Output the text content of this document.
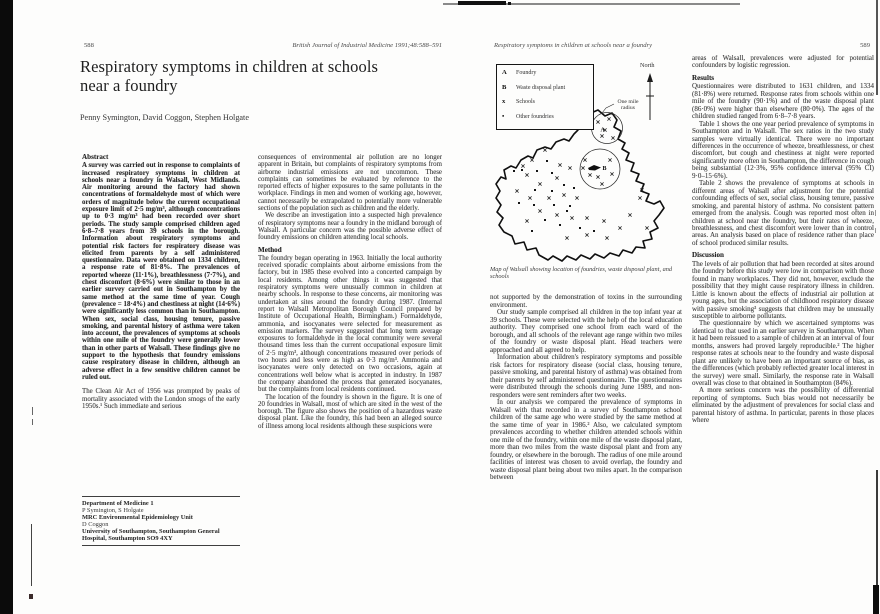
588	British Journal of Industrial Medicine 1991;48:588–591
Respiratory symptoms in children at schools near a foundry
Penny Symington, David Coggon, Stephen Holgate
Abstract

A survey was carried out in response to complaints of increased respiratory symptoms in children at schools near a foundry in Walsall, West Midlands. Air monitoring around the factory had shown concentrations of formaldehyde most of which were orders of magnitude below the current occupational exposure limit of 2·5 mg/m³, although concentrations up to 0·3 mg/m³ had been recorded over short periods. The study sample comprised children aged 6·8–7·8 years from 39 schools in the borough. Information about respiratory symptoms and potential risk factors for respiratory disease was elicited from parents by a self administered questionnaire. Data were obtained on 1334 children, a response rate of 81·8%. The prevalences of reported wheeze (11·1%), breathlessness (7·7%), and chest discomfort (8·6%) were similar to those in an earlier survey carried out in Southampton by the same method at the same time of year. Cough (prevalence = 18·4%) and chestiness at night (14·6%) were significantly less common than in Southampton. When sex, social class, housing tenure, passive smoking, and parental history of asthma were taken into account, the prevalences of symptoms at schools within one mile of the foundry were generally lower than in other parts of Walsall. These findings give no support to the hypothesis that foundry emissions cause respiratory disease in children, although an adverse effect in a few sensitive children cannot be ruled out.

The Clean Air Act of 1956 was prompted by peaks of mortality associated with the London smogs of the early 1950s.¹ Such immediate and serious

Department of Medicine 1
P Symington, S Holgate
MRC Environmental Epidemiology Unit
D Coggon
University of Southampton, Southampton General Hospital, Southampton SO9 4XY

consequences of environmental air pollution are no longer apparent in Britain, but complaints of respiratory symptoms from airborne industrial emissions are not uncommon. These complaints can sometimes be evaluated by reference to the reported effects of higher exposures to the same pollutants in the workplace. Findings in men and women of working age, however, cannot necessarily be extrapolated to potentially more vulnerable sections of the population such as children and the elderly.

We describe an investigation into a suspected high prevalence of respiratory symptoms near a foundry in the midland borough of Walsall. A particular concern was the possible adverse effect of foundry emissions on children attending local schools.

Method

The foundry began operating in 1963. Initially the local authority received sporadic complaints about airborne emissions from the factory, but in 1985 these evolved into a concerted campaign by local residents. Among other things it was suggested that respiratory symptoms were unusually common in children at nearby schools. In response to these concerns, air monitoring was undertaken at sites around the foundry during 1987. (Internal report to Walsall Metropolitan Borough Council prepared by Institute of Occupational Health, Birmingham.) Formaldehyde, ammonia, and isocyanates were selected for measurement as emission markers. The survey suggested that long term average exposures to formaldehyde in the local community were several thousand times less than the current occupational exposure limit of 2·5 mg/m³, although concentrations measured over periods of two hours and less were as high as 0·3 mg/m³. Ammonia and isocyanates were only detected on two occasions, again at concentrations well below what is accepted in industry. In 1987 the company abandoned the process that generated isocyanates, but the complaints from local residents continued.

The location of the foundry is shown in the figure. It is one of 20 foundries in Walsall, most of which are sited in the west of the borough. The figure also shows the position of a hazardous waste disposal plant. Like the foundry, this had been an alleged source of illness among local residents although these suspicions were

Respiratory symptoms in children at schools near a foundry	589
A
B
A	Foundry
B	Waste disposal plant
x	Schools
•	Other foundries
North
One mile radius
Map of Walsall showing location of foundries, waste disposal plant, and schools

not supported by the demonstration of toxins in the surrounding environment.

Our study sample comprised all children in the top infant year at 39 schools. These were selected with the help of the local education authority. They comprised one school from each ward of the borough, and all schools of the relevant age range within two miles of the foundry or waste disposal plant. Head teachers were approached and all agreed to help.

Information about children's respiratory symptoms and possible risk factors for respiratory disease (social class, housing tenure, passive smoking, and parental history of asthma) was obtained from their parents by self administered questionnaire. The questionnaires were distributed through the schools during June 1989, and non-responders were sent reminders after two weeks.

In our analysis we compared the prevalence of symptoms in Walsall with that recorded in a survey of Southampton school children of the same age who were studied by the same method at the same time of year in 1986.² Also, we calculated symptom prevalences according to whether children attended schools within one mile of the foundry, within one mile of the waste disposal plant, more than two miles from the waste disposal plant and from any foundry, or elsewhere in the borough. The radius of one mile around facilities of interest was chosen to avoid overlap, the foundry and waste disposal plant being about two miles apart. In the comparison between

areas of Walsall, prevalences were adjusted for potential confounders by logistic regression.

Results

Questionnaires were distributed to 1631 children, and 1334 (81·8%) were returned. Response rates from schools within one mile of the foundry (90·1%) and of the waste disposal plant (86·0%) were higher than elsewhere (80·0%). The ages of the children studied ranged from 6·8–7·8 years.

Table 1 shows the one year period prevalence of symptoms in Southampton and in Walsall. The sex ratios in the two study samples were virtually identical. There were no important differences in the occurrence of wheeze, breathlessness, or chest discomfort, but cough and chestiness at night were reported significantly more often in Southampton, the difference in cough being substantial (12·3%, 95% confidence interval (95% CI) 9·0–15·6%).

Table 2 shows the prevalence of symptoms at schools in different areas of Walsall after adjustment for the potential confounding effects of sex, social class, housing tenure, passive smoking, and parental history of asthma. No consistent pattern emerged from the analysis. Cough was reported most often in children at school near the foundry, but their rates of wheeze, breathlessness, and chest discomfort were lower than in control areas. An analysis based on place of residence rather than place of school produced similar results.

Discussion

The levels of air pollution that had been recorded at sites around the foundry before this study were low in comparison with those found in many workplaces. They did not, however, exclude the possibility that they might cause respiratory illness in children. Little is known about the effects of industrial air pollution at young ages, but the association of childhood respiratory disease with passive smoking³ suggests that children may be unusually susceptible to airborne pollutants.

The questionnaire by which we ascertained symptoms was identical to that used in an earlier survey in Southampton. When it had been reissued to a sample of children at an interval of four months, answers had proved largely reproducible.² The higher response rates at schools near to the foundry and waste disposal plant are unlikely to have been an important source of bias, as the differences (which probably reflected greater local interest in the survey) were small. Similarly, the response rate in Walsall overall was close to that obtained in Southampton (84%).

A more serious concern was the possibility of differential reporting of symptoms. Such bias would not necessarily be eliminated by the adjustment of prevalences for social class and parental history of asthma. In particular, parents in those places where
